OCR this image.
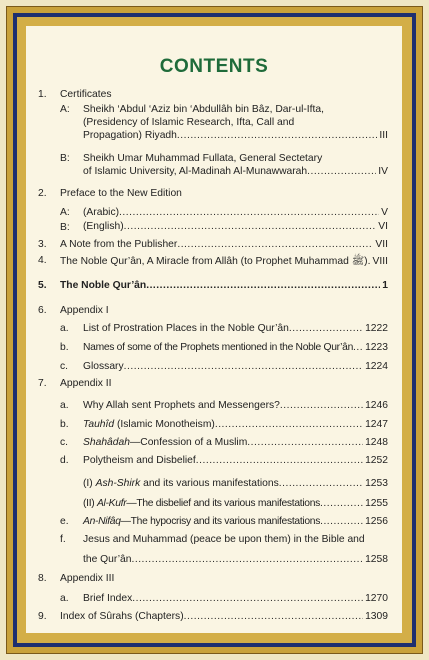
CONTENTS
1. Certificates
A: Sheikh ‘Abdul ‘Aziz bin ‘Abdullâh bin Bâz, Dar-ul-Ifta,
(Presidency of Islamic Research, Ifta, Call and
Propagation) Riyadh .....	III
B: Sheikh Umar Muhammad Fullata, General Sectetary
of Islamic University, Al-Madinah Al-Munawwarah .....	IV
2. Preface to the New Edition
A: (Arabic) .....	V
B: (English) .....	VI
3. A Note from the Publisher .....	VII
4. The Noble Qur’ân, A Miracle from Allâh (to Prophet Muhammad ﷺ) ..... VIII
5. The Noble Qur’ân .....	1
6. Appendix I
a. List of Prostration Places in the Noble Qur’ân .....	1222
b. Names of some of the Prophets mentioned in the Noble Qur’ân ..... 1223
c. Glossary .....	1224
7. Appendix II
a. Why Allah sent Prophets and Messengers? .....	1246
b. Tauhîd (Islamic Monotheism) .....	1247
c. Shahâdah—Confession of a Muslim .....	1248
d. Polytheism and Disbelief .....	1252
(I) Ash-Shirk and its various manifestations .....	1253
(II) Al-Kufr—The disbelief and its various manifestations .....	1255
e. An-Nifâq—The hypocrisy and its various manifestations .....	1256
f. Jesus and Muhammad (peace be upon them) in the Bible and
the Qur’ân .....	1258
8. Appendix III
a. Brief Index .....	1270
9. Index of Sûrahs (Chapters) .....	1309
